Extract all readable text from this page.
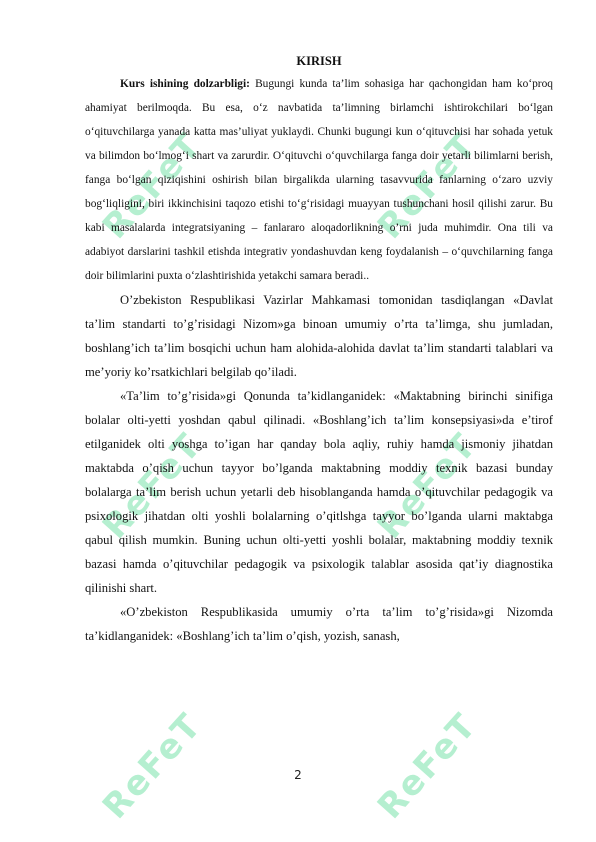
ReFeT	ReFeT
ReFeT	ReFeT
ReFeT	ReFeT

KIRISH

Kurs ishining dolzarbligi: Bugungi kunda ta’lim sohasiga har qachongidan ham ko‘proq ahamiyat berilmoqda. Bu esa, o‘z navbatida ta’limning birlamchi ishtirokchilari bo‘lgan o‘qituvchilarga yanada katta mas’uliyat yuklaydi. Chunki bugungi kun o‘qituvchisi har sohada yetuk va bilimdon bo‘lmog‘i shart va zarurdir. O‘qituvchi o‘quvchilarga fanga doir yetarli bilimlarni berish, fanga bo‘lgan qiziqishini oshirish bilan birgalikda ularning tasavvurida fanlarning o‘zaro uzviy bog‘liqligini, biri ikkinchisini taqozo etishi to‘g‘risidagi muayyan tushunchani hosil qilishi zarur. Bu kabi masalalarda integratsiyaning – fanlararo aloqadorlikning o’rni juda muhimdir. Ona tili va adabiyot darslarini tashkil etishda integrativ yondashuvdan keng foydalanish – o‘quvchilarning fanga doir bilimlarini puxta o‘zlashtirishida yetakchi samara beradi..

O’zbekiston Respublikasi Vazirlar Mahkamasi tomonidan tasdiqlangan «Davlat ta’lim standarti to’g’risidagi Nizom»ga binoan umumiy o’rta ta’limga, shu jumladan, boshlang’ich ta’lim bosqichi uchun ham alohida-alohida davlat ta’lim standarti talablari va me’yoriy ko’rsatkichlari belgilab qo’iladi.

«Ta’lim to’g’risida»gi Qonunda ta’kidlanganidek: «Maktabning birinchi sinifiga bolalar olti-yetti yoshdan qabul qilinadi. «Boshlang’ich ta’lim konsepsiyasi»da e’tirof etilganidek olti yoshga to’igan har qanday bola aqliy, ruhiy hamda jismoniy jihatdan maktabda o’qish uchun tayyor bo’lganda maktabning moddiy texnik bazasi bunday bolalarga ta’lim berish uchun yetarli deb hisoblanganda hamda o’qituvchilar pedagogik va psixologik jihatdan olti yoshli bolalarning o’qitlshga tayyor bo’lganda ularni maktabga qabul qilish mumkin. Buning uchun olti-yetti yoshli bolalar, maktabning moddiy texnik bazasi hamda o’qituvchilar pedagogik va psixologik talablar asosida qat’iy diagnostika qilinishi shart.

«O’zbekiston Respublikasida umumiy o’rta ta’lim to’g’risida»gi Nizomda ta’kidlanganidek: «Boshlang’ich ta’lim o’qish, yozish, sanash,

2
